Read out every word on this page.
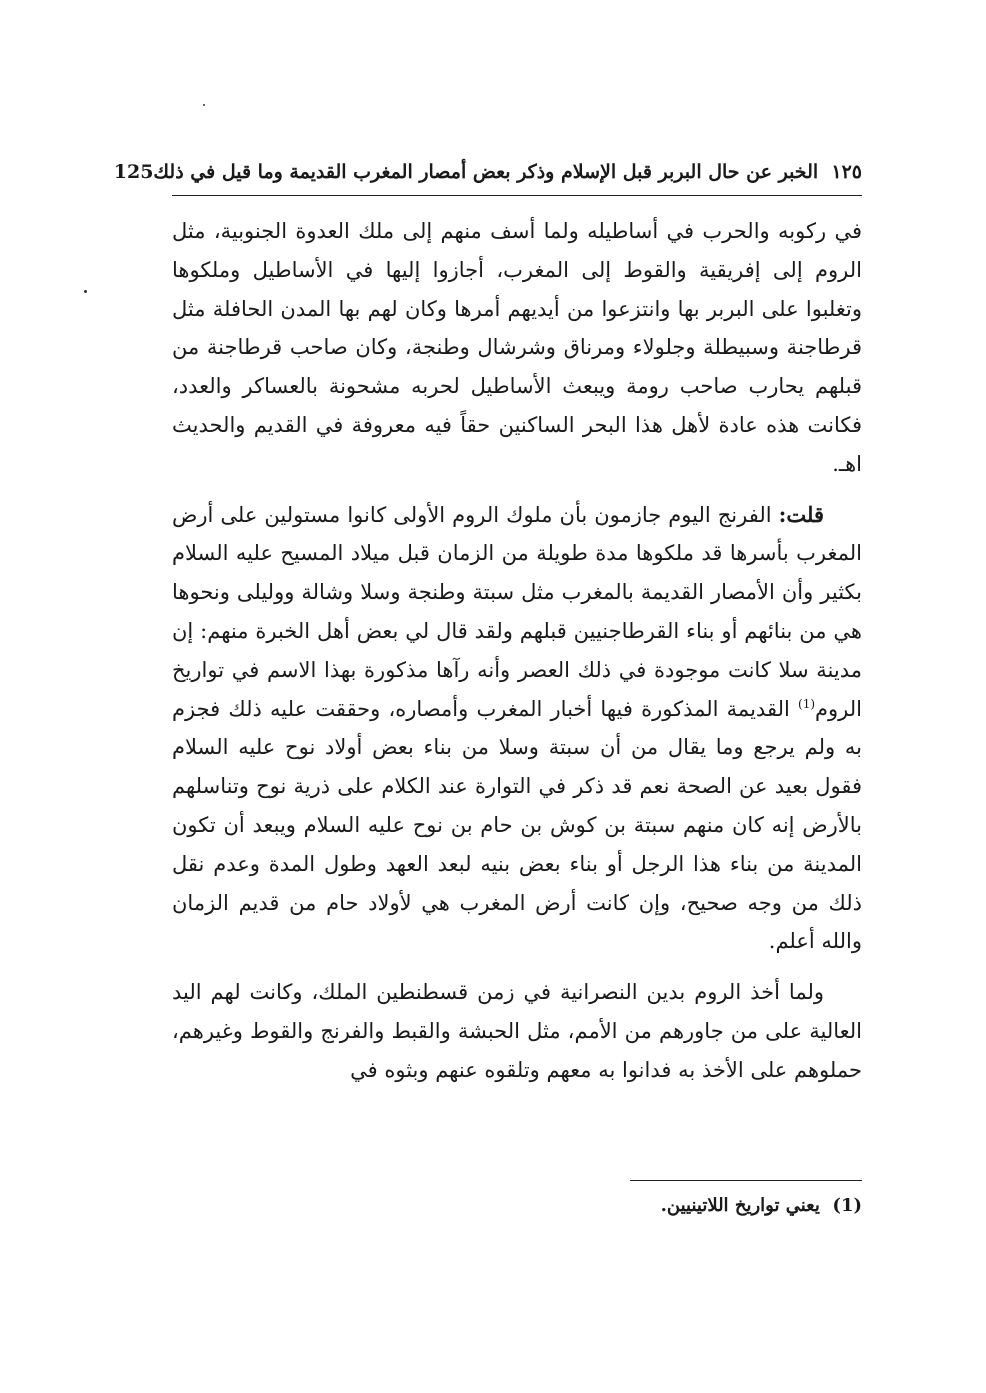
١٢٥  الخبر عن حال البربر قبل الإسلام وذكر بعض أمصار المغرب القديمة وما قيل في ذلك
125

في ركوبه والحرب في أساطيله ولما أسف منهم إلى ملك العدوة الجنوبية، مثل الروم إلى إفريقية والقوط إلى المغرب، أجازوا إليها في الأساطيل وملكوها وتغلبوا على البربر بها وانتزعوا من أيديهم أمرها وكان لهم بها المدن الحافلة مثل قرطاجنة وسبيطلة وجلولاء ومرناق وشرشال وطنجة، وكان صاحب قرطاجنة من قبلهم يحارب صاحب رومة ويبعث الأساطيل لحربه مشحونة بالعساكر والعدد، فكانت هذه عادة لأهل هذا البحر الساكنين حقاً فيه معروفة في القديم والحديث اهـ.

قلت: الفرنج اليوم جازمون بأن ملوك الروم الأولى كانوا مستولين على أرض المغرب بأسرها قد ملكوها مدة طويلة من الزمان قبل ميلاد المسيح عليه السلام بكثير وأن الأمصار القديمة بالمغرب مثل سبتة وطنجة وسلا وشالة ووليلى ونحوها هي من بنائهم أو بناء القرطاجنيين قبلهم ولقد قال لي بعض أهل الخبرة منهم: إن مدينة سلا كانت موجودة في ذلك العصر وأنه رآها مذكورة بهذا الاسم في تواريخ الروم$^{(1)}$ القديمة المذكورة فيها أخبار المغرب وأمصاره، وحققت عليه ذلك فجزم به ولم يرجع وما يقال من أن سبتة وسلا من بناء بعض أولاد نوح عليه السلام فقول بعيد عن الصحة نعم قد ذكر في التوارة عند الكلام على ذرية نوح وتناسلهم بالأرض إنه كان منهم سبتة بن كوش بن حام بن نوح عليه السلام ويبعد أن تكون المدينة من بناء هذا الرجل أو بناء بعض بنيه لبعد العهد وطول المدة وعدم نقل ذلك من وجه صحيح، وإن كانت أرض المغرب هي لأولاد حام من قديم الزمان والله أعلم.

ولما أخذ الروم بدين النصرانية في زمن قسطنطين الملك، وكانت لهم اليد العالية على من جاورهم من الأمم، مثل الحبشة والقبط والفرنج والقوط وغيرهم، حملوهم على الأخذ به فدانوا به معهم وتلقوه عنهم وبثوه في

(1)  يعني تواريخ اللاتينيين.
